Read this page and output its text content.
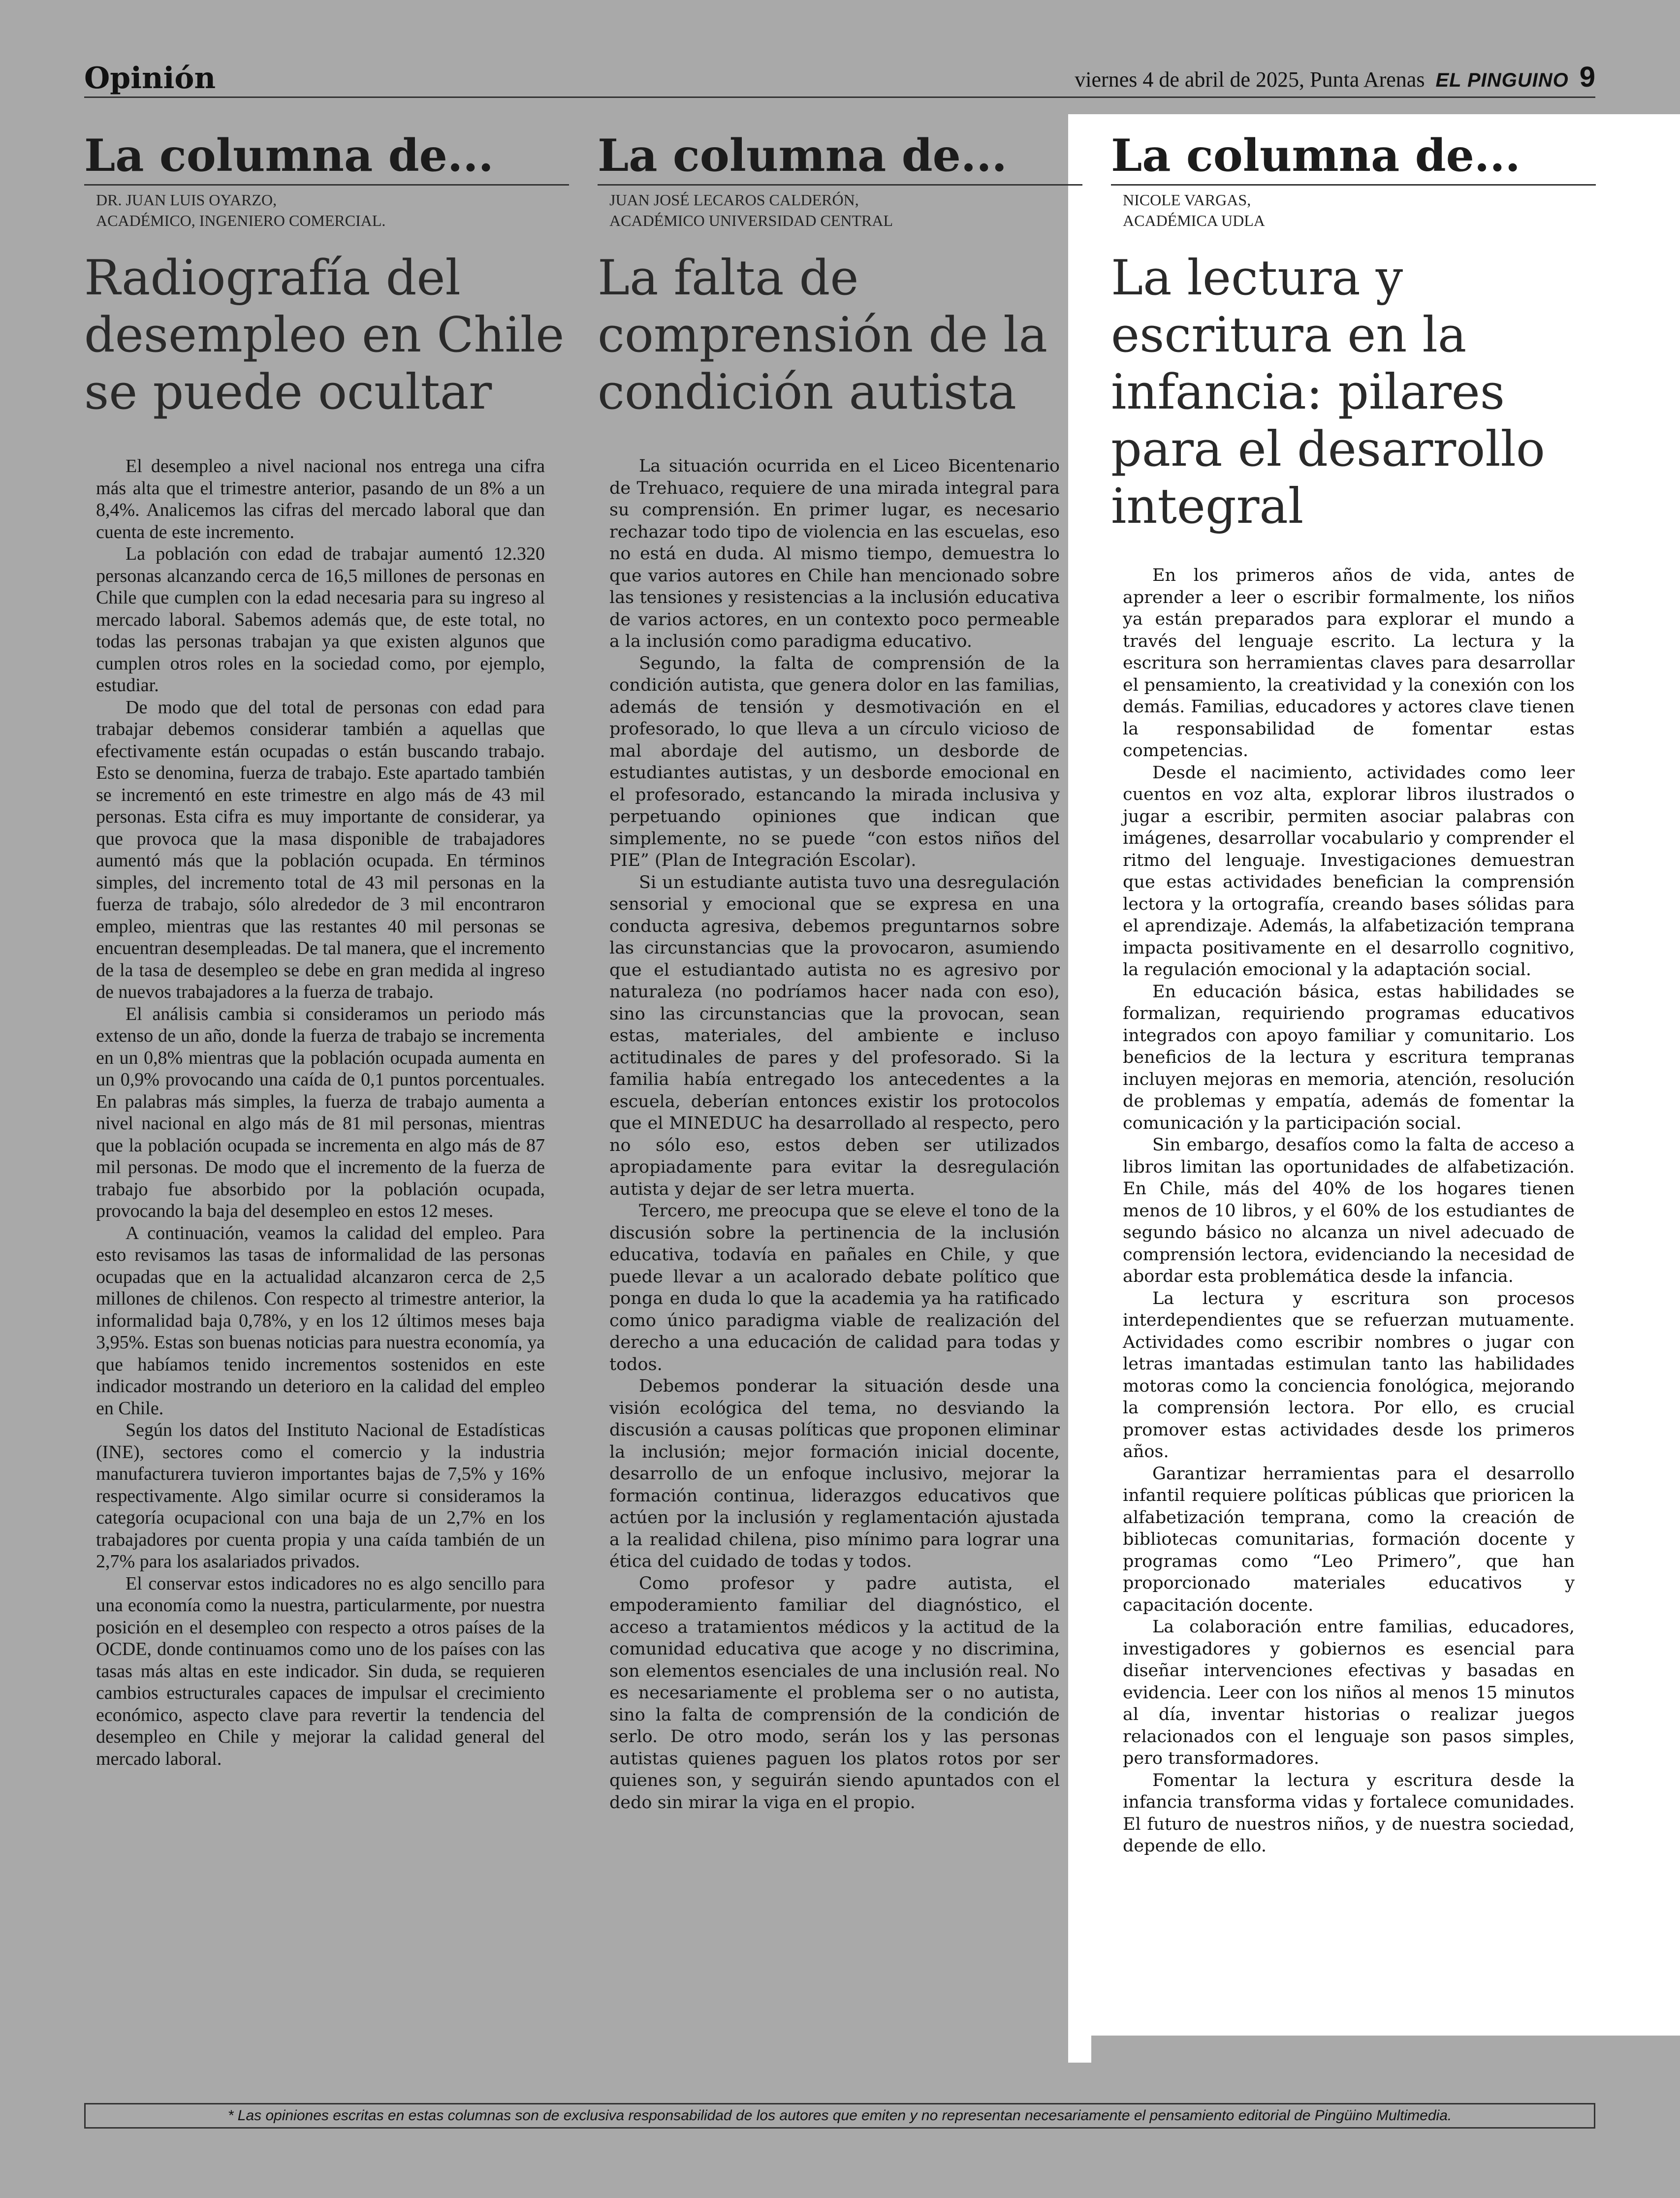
Opinión	viernes 4 de abril de 2025, Punta Arenas EL PINGUINO 9
La columna de...
DR. JUAN LUIS OYARZO,
ACADÉMICO, INGENIERO COMERCIAL.
Radiografía del desempleo en Chile se puede ocultar

El desempleo a nivel nacional nos entrega una cifra más alta que el trimestre anterior, pasando de un 8% a un 8,4%. Analicemos las cifras del mercado laboral que dan cuenta de este incremento.

La población con edad de trabajar aumentó 12.320 personas alcanzando cerca de 16,5 millones de personas en Chile que cumplen con la edad necesaria para su ingreso al mercado laboral. Sabemos además que, de este total, no todas las personas trabajan ya que existen algunos que cumplen otros roles en la sociedad como, por ejemplo, estudiar.

De modo que del total de personas con edad para trabajar debemos considerar también a aquellas que efectivamente están ocupadas o están buscando trabajo. Esto se denomina, fuerza de trabajo. Este apartado también se incrementó en este trimestre en algo más de 43 mil personas. Esta cifra es muy importante de considerar, ya que provoca que la masa disponible de trabajadores aumentó más que la población ocupada. En términos simples, del incremento total de 43 mil personas en la fuerza de trabajo, sólo alrededor de 3 mil encontraron empleo, mientras que las restantes 40 mil personas se encuentran desempleadas. De tal manera, que el incremento de la tasa de desempleo se debe en gran medida al ingreso de nuevos trabajadores a la fuerza de trabajo.

El análisis cambia si consideramos un periodo más extenso de un año, donde la fuerza de trabajo se incrementa en un 0,8% mientras que la población ocupada aumenta en un 0,9% provocando una caída de 0,1 puntos porcentuales. En palabras más simples, la fuerza de trabajo aumenta a nivel nacional en algo más de 81 mil personas, mientras que la población ocupada se incrementa en algo más de 87 mil personas. De modo que el incremento de la fuerza de trabajo fue absorbido por la población ocupada, provocando la baja del desempleo en estos 12 meses.

A continuación, veamos la calidad del empleo. Para esto revisamos las tasas de informalidad de las personas ocupadas que en la actualidad alcanzaron cerca de 2,5 millones de chilenos. Con respecto al trimestre anterior, la informalidad baja 0,78%, y en los 12 últimos meses baja 3,95%. Estas son buenas noticias para nuestra economía, ya que habíamos tenido incrementos sostenidos en este indicador mostrando un deterioro en la calidad del empleo en Chile.

Según los datos del Instituto Nacional de Estadísticas (INE), sectores como el comercio y la industria manufacturera tuvieron importantes bajas de 7,5% y 16% respectivamente. Algo similar ocurre si consideramos la categoría ocupacional con una baja de un 2,7% en los trabajadores por cuenta propia y una caída también de un 2,7% para los asalariados privados.

El conservar estos indicadores no es algo sencillo para una economía como la nuestra, particularmente, por nuestra posición en el desempleo con respecto a otros países de la OCDE, donde continuamos como uno de los países con las tasas más altas en este indicador. Sin duda, se requieren cambios estructurales capaces de impulsar el crecimiento económico, aspecto clave para revertir la tendencia del desempleo en Chile y mejorar la calidad general del mercado laboral.

La columna de...
JUAN JOSÉ LECAROS CALDERÓN,
ACADÉMICO UNIVERSIDAD CENTRAL
La falta de comprensión de la condición autista

La situación ocurrida en el Liceo Bicentenario de Trehuaco, requiere de una mirada integral para su comprensión. En primer lugar, es necesario rechazar todo tipo de violencia en las escuelas, eso no está en duda. Al mismo tiempo, demuestra lo que varios autores en Chile han mencionado sobre las tensiones y resistencias a la inclusión educativa de varios actores, en un contexto poco permeable a la inclusión como paradigma educativo.

Segundo, la falta de comprensión de la condición autista, que genera dolor en las familias, además de tensión y desmotivación en el profesorado, lo que lleva a un círculo vicioso de mal abordaje del autismo, un desborde de estudiantes autistas, y un desborde emocional en el profesorado, estancando la mirada inclusiva y perpetuando opiniones que indican que simplemente, no se puede “con estos niños del PIE” (Plan de Integración Escolar).

Si un estudiante autista tuvo una desregulación sensorial y emocional que se expresa en una conducta agresiva, debemos preguntarnos sobre las circunstancias que la provocaron, asumiendo que el estudiantado autista no es agresivo por naturaleza (no podríamos hacer nada con eso), sino las circunstancias que la provocan, sean estas, materiales, del ambiente e incluso actitudinales de pares y del profesorado. Si la familia había entregado los antecedentes a la escuela, deberían entonces existir los protocolos que el MINEDUC ha desarrollado al respecto, pero no sólo eso, estos deben ser utilizados apropiadamente para evitar la desregulación autista y dejar de ser letra muerta.

Tercero, me preocupa que se eleve el tono de la discusión sobre la pertinencia de la inclusión educativa, todavía en pañales en Chile, y que puede llevar a un acalorado debate político que ponga en duda lo que la academia ya ha ratificado como único paradigma viable de realización del derecho a una educación de calidad para todas y todos.

Debemos ponderar la situación desde una visión ecológica del tema, no desviando la discusión a causas políticas que proponen eliminar la inclusión; mejor formación inicial docente, desarrollo de un enfoque inclusivo, mejorar la formación continua, liderazgos educativos que actúen por la inclusión y reglamentación ajustada a la realidad chilena, piso mínimo para lograr una ética del cuidado de todas y todos.

Como profesor y padre autista, el empoderamiento familiar del diagnóstico, el acceso a tratamientos médicos y la actitud de la comunidad educativa que acoge y no discrimina, son elementos esenciales de una inclusión real. No es necesariamente el problema ser o no autista, sino la falta de comprensión de la condición de serlo. De otro modo, serán los y las personas autistas quienes paguen los platos rotos por ser quienes son, y seguirán siendo apuntados con el dedo sin mirar la viga en el propio.

La columna de...
NICOLE VARGAS,
ACADÉMICA UDLA
La lectura y escritura en la infancia: pilares para el desarrollo integral

En los primeros años de vida, antes de aprender a leer o escribir formalmente, los niños ya están preparados para explorar el mundo a través del lenguaje escrito. La lectura y la escritura son herramientas claves para desarrollar el pensamiento, la creatividad y la conexión con los demás. Familias, educadores y actores clave tienen la responsabilidad de fomentar estas competencias.

Desde el nacimiento, actividades como leer cuentos en voz alta, explorar libros ilustrados o jugar a escribir, permiten asociar palabras con imágenes, desarrollar vocabulario y comprender el ritmo del lenguaje. Investigaciones demuestran que estas actividades benefician la comprensión lectora y la ortografía, creando bases sólidas para el aprendizaje. Además, la alfabetización temprana impacta positivamente en el desarrollo cognitivo, la regulación emocional y la adaptación social.

En educación básica, estas habilidades se formalizan, requiriendo programas educativos integrados con apoyo familiar y comunitario. Los beneficios de la lectura y escritura tempranas incluyen mejoras en memoria, atención, resolución de problemas y empatía, además de fomentar la comunicación y la participación social.

Sin embargo, desafíos como la falta de acceso a libros limitan las oportunidades de alfabetización. En Chile, más del 40% de los hogares tienen menos de 10 libros, y el 60% de los estudiantes de segundo básico no alcanza un nivel adecuado de comprensión lectora, evidenciando la necesidad de abordar esta problemática desde la infancia.

La lectura y escritura son procesos interdependientes que se refuerzan mutuamente. Actividades como escribir nombres o jugar con letras imantadas estimulan tanto las habilidades motoras como la conciencia fonológica, mejorando la comprensión lectora. Por ello, es crucial promover estas actividades desde los primeros años.

Garantizar herramientas para el desarrollo infantil requiere políticas públicas que prioricen la alfabetización temprana, como la creación de bibliotecas comunitarias, formación docente y programas como “Leo Primero”, que han proporcionado materiales educativos y capacitación docente.

La colaboración entre familias, educadores, investigadores y gobiernos es esencial para diseñar intervenciones efectivas y basadas en evidencia. Leer con los niños al menos 15 minutos al día, inventar historias o realizar juegos relacionados con el lenguaje son pasos simples, pero transformadores.

Fomentar la lectura y escritura desde la infancia transforma vidas y fortalece comunidades. El futuro de nuestros niños, y de nuestra sociedad, depende de ello.

* Las opiniones escritas en estas columnas son de exclusiva responsabilidad de los autores que emiten y no representan necesariamente el pensamiento editorial de Pingüino Multimedia.
